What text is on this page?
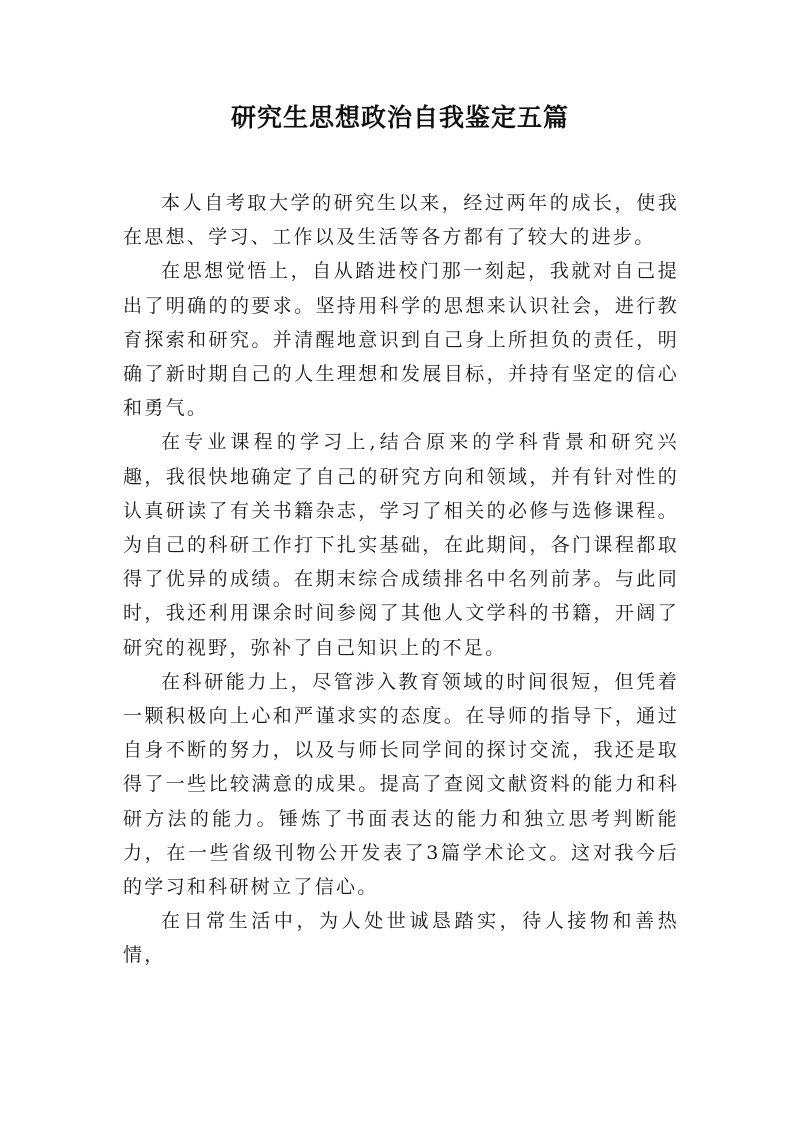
研究生思想政治自我鉴定五篇

本人自考取大学的研究生以来，经过两年的成长，使我在思想、学习、工作以及生活等各方都有了较大的进步。

在思想觉悟上，自从踏进校门那一刻起，我就对自己提出了明确的的要求。坚持用科学的思想来认识社会，进行教育探索和研究。并清醒地意识到自己身上所担负的责任，明确了新时期自己的人生理想和发展目标，并持有坚定的信心和勇气。

在专业课程的学习上,结合原来的学科背景和研究兴趣，我很快地确定了自己的研究方向和领域，并有针对性的认真研读了有关书籍杂志，学习了相关的必修与选修课程。为自己的科研工作打下扎实基础，在此期间，各门课程都取得了优异的成绩。在期末综合成绩排名中名列前茅。与此同时，我还利用课余时间参阅了其他人文学科的书籍，开阔了研究的视野，弥补了自己知识上的不足。

在科研能力上，尽管涉入教育领域的时间很短，但凭着一颗积极向上心和严谨求实的态度。在导师的指导下，通过自身不断的努力，以及与师长同学间的探讨交流，我还是取得了一些比较满意的成果。提高了查阅文献资料的能力和科研方法的能力。锤炼了书面表达的能力和独立思考判断能力，在一些省级刊物公开发表了3篇学术论文。这对我今后的学习和科研树立了信心。

在日常生活中，为人处世诚恳踏实，待人接物和善热情，
